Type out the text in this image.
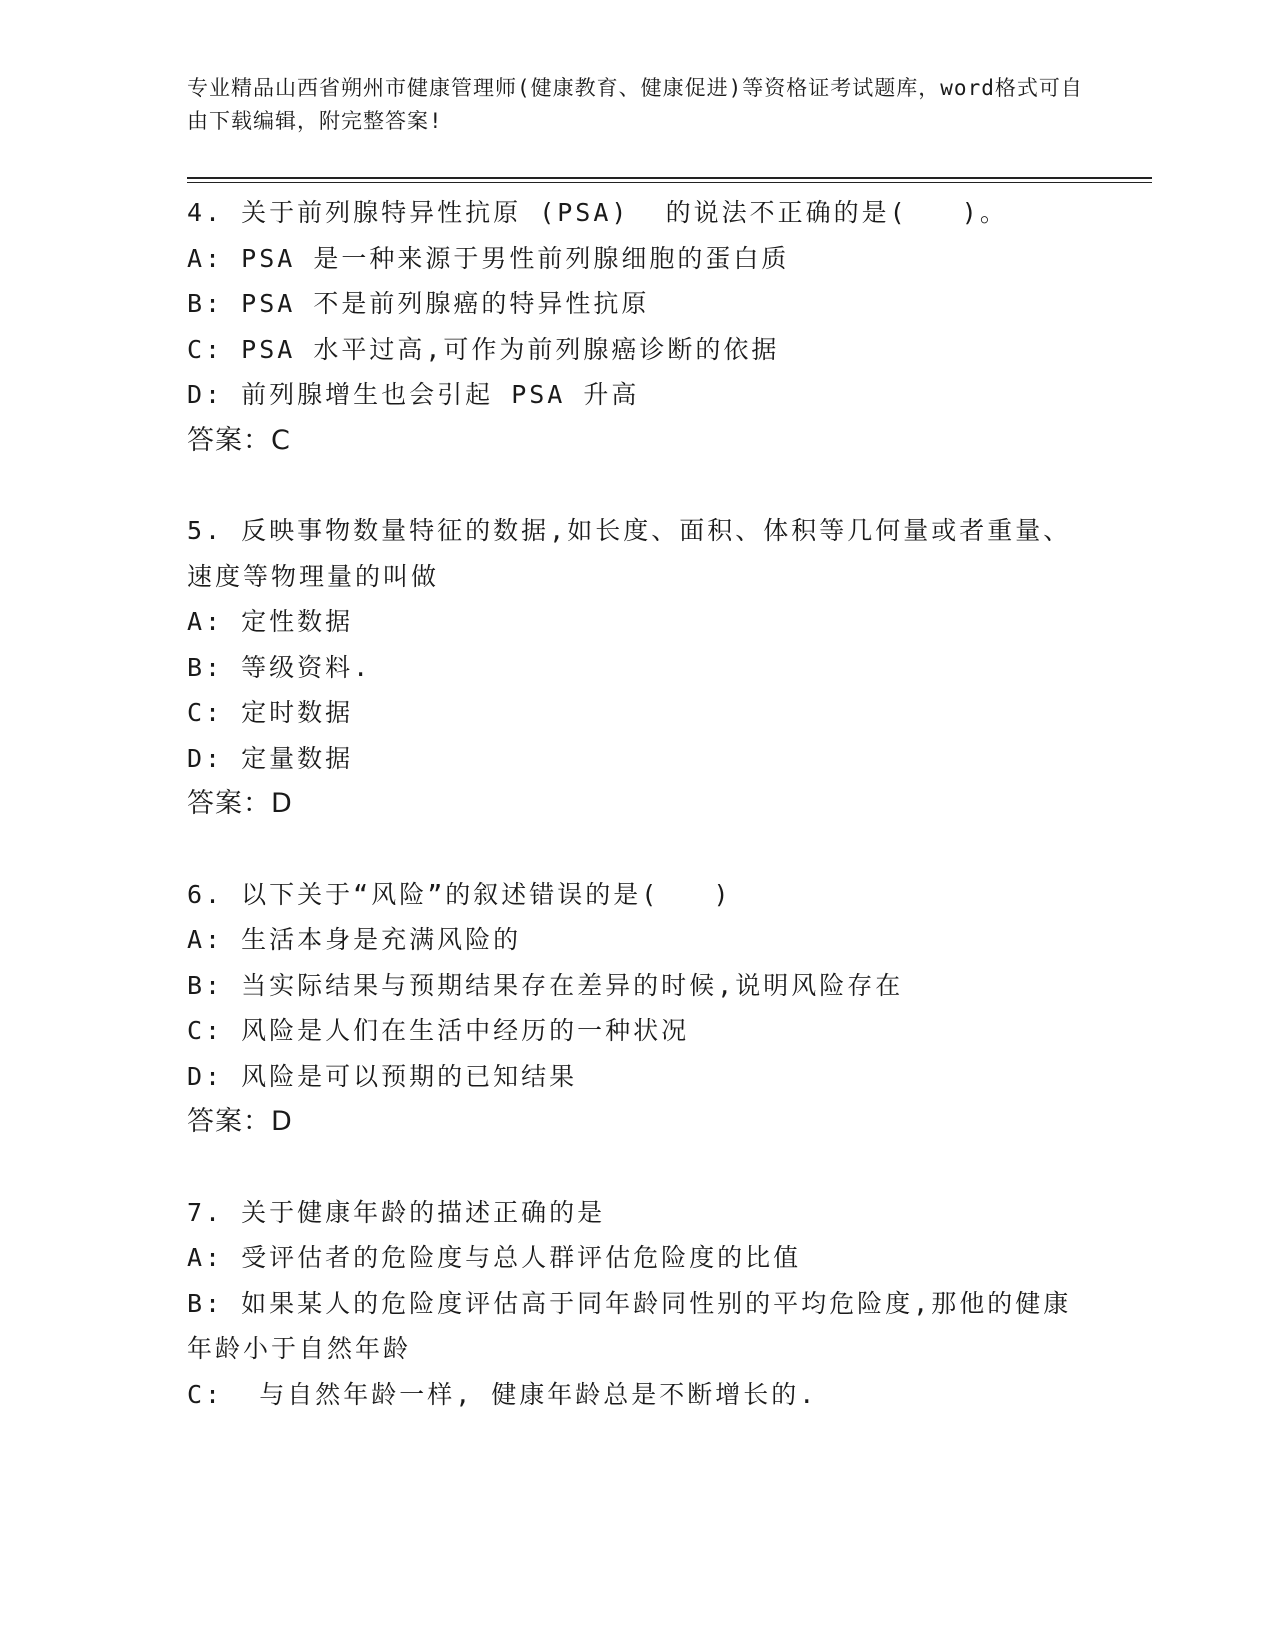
专业精品山西省朔州市健康管理师(健康教育、健康促进)等资格证考试题库，word格式可自由下载编辑，附完整答案!
4. 关于前列腺特异性抗原 (PSA)  的说法不正确的是(   )。
A: PSA 是一种来源于男性前列腺细胞的蛋白质
B: PSA 不是前列腺癌的特异性抗原
C: PSA 水平过高,可作为前列腺癌诊断的依据
D: 前列腺增生也会引起 PSA 升高
答案：C
5. 反映事物数量特征的数据,如长度、面积、体积等几何量或者重量、速度等物理量的叫做
A: 定性数据
B: 等级资料.
C: 定时数据
D: 定量数据
答案：D
6. 以下关于“风险”的叙述错误的是(   )
A: 生活本身是充满风险的
B: 当实际结果与预期结果存在差异的时候,说明风险存在
C: 风险是人们在生活中经历的一种状况
D: 风险是可以预期的已知结果
答案：D
7. 关于健康年龄的描述正确的是
A: 受评估者的危险度与总人群评估危险度的比值
B: 如果某人的危险度评估高于同年龄同性别的平均危险度,那他的健康年龄小于自然年龄
C:  与自然年龄一样, 健康年龄总是不断增长的.
